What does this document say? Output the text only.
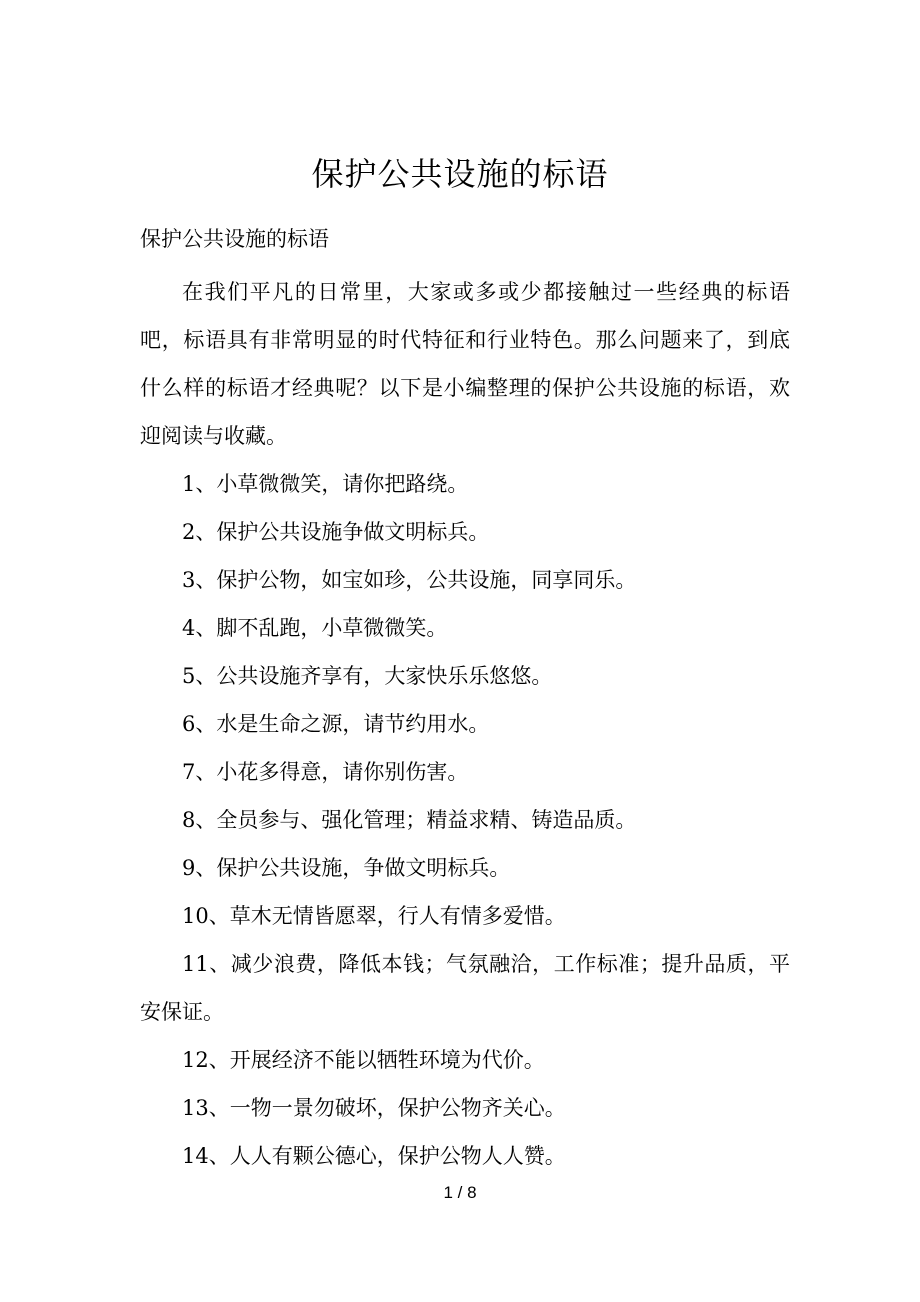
保护公共设施的标语
保护公共设施的标语

在我们平凡的日常里，大家或多或少都接触过一些经典的标语吧，标语具有非常明显的时代特征和行业特色。那么问题来了，到底什么样的标语才经典呢？以下是小编整理的保护公共设施的标语，欢迎阅读与收藏。

1、小草微微笑，请你把路绕。
2、保护公共设施争做文明标兵。
3、保护公物，如宝如珍，公共设施，同享同乐。
4、脚不乱跑，小草微微笑。
5、公共设施齐享有，大家快乐乐悠悠。
6、水是生命之源，请节约用水。
7、小花多得意，请你别伤害。
8、全员参与、强化管理；精益求精、铸造品质。
9、保护公共设施，争做文明标兵。
10、草木无情皆愿翠，行人有情多爱惜。
11、减少浪费，降低本钱；气氛融洽，工作标准；提升品质，平安保证。
12、开展经济不能以牺牲环境为代价。
13、一物一景勿破坏，保护公物齐关心。
14、人人有颗公德心，保护公物人人赞。
1 / 8
